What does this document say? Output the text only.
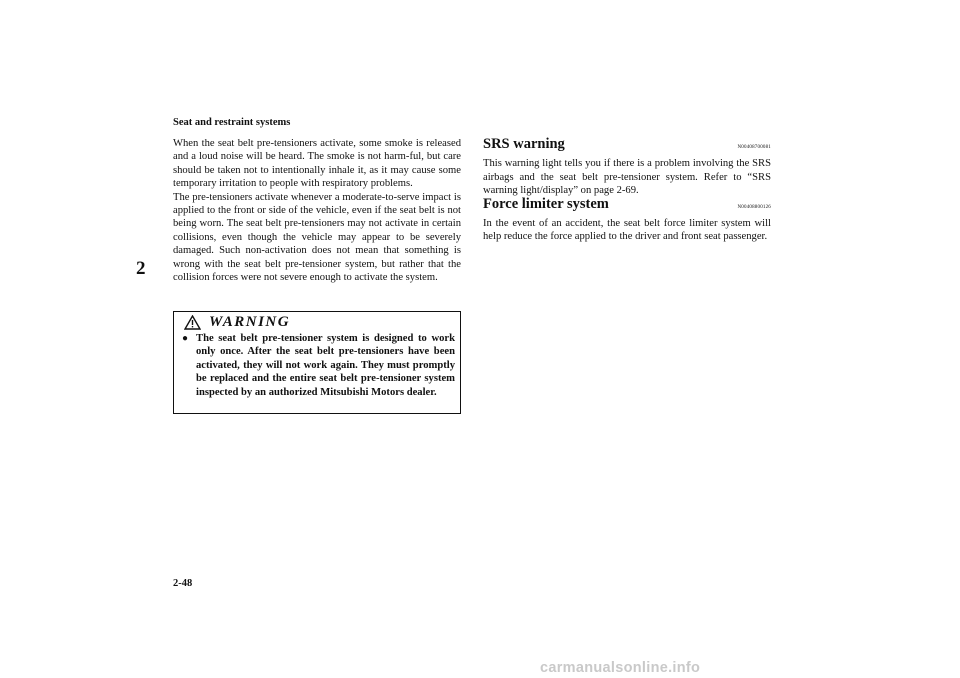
Seat and restraint systems
2

When the seat belt pre-tensioners activate, some smoke is released and a loud noise will be heard. The smoke is not harm-ful, but care should be taken not to intentionally inhale it, as it may cause some temporary irritation to people with respiratory problems.

The pre-tensioners activate whenever a moderate-to-serve impact is applied to the front or side of the vehicle, even if the seat belt is not being worn. The seat belt pre-tensioners may not activate in certain collisions, even though the vehicle may appear to be severely damaged. Such non-activation does not mean that something is wrong with the seat belt pre-tensioner system, but rather that the collision forces were not severe enough to activate the system.

WARNING
● The seat belt pre-tensioner system is designed to work only once. After the seat belt pre-tensioners have been activated, they will not work again. They must promptly be replaced and the entire seat belt pre-tensioner system inspected by an authorized Mitsubishi Motors dealer.
SRS warning	N00408700081

This warning light tells you if there is a problem involving the SRS airbags and the seat belt pre-tensioner system. Refer to “SRS warning light/display” on page 2-69.

Force limiter system	N00408800126

In the event of an accident, the seat belt force limiter system will help reduce the force applied to the driver and front seat passenger.

2-48
carmanualsonline.info
